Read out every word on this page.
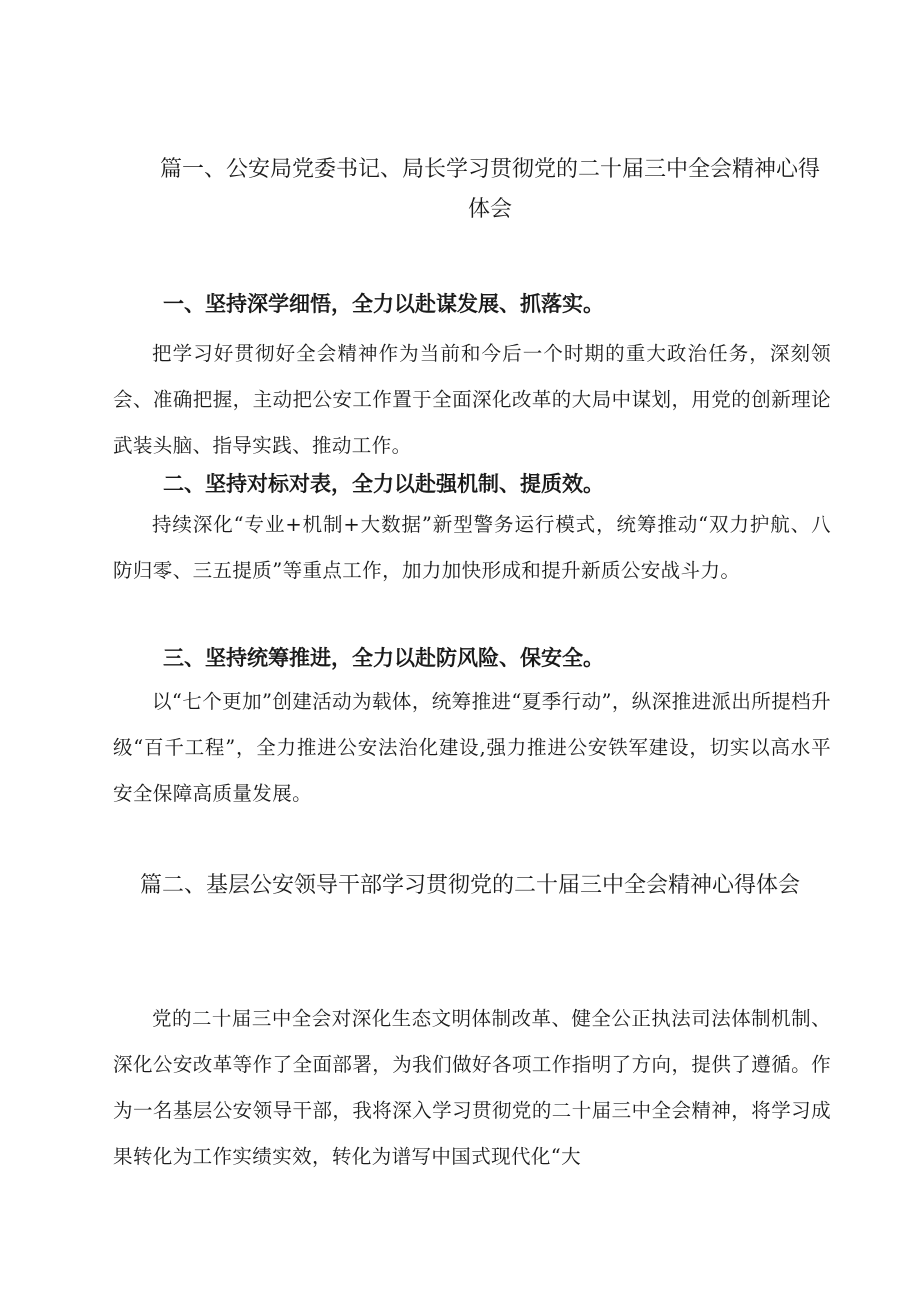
篇一、公安局党委书记、局长学习贯彻党的二十届三中全会精神心得体会
一、坚持深学细悟，全力以赴谋发展、抓落实。

把学习好贯彻好全会精神作为当前和今后一个时期的重大政治任务，深刻领会、准确把握，主动把公安工作置于全面深化改革的大局中谋划，用党的创新理论武装头脑、指导实践、推动工作。

二、坚持对标对表，全力以赴强机制、提质效。

持续深化“专业+机制+大数据”新型警务运行模式，统筹推动“双力护航、八防归零、三五提质”等重点工作，加力加快形成和提升新质公安战斗力。

三、坚持统筹推进，全力以赴防风险、保安全。

以“七个更加”创建活动为载体，统筹推进“夏季行动”，纵深推进派出所提档升级“百千工程”，全力推进公安法治化建设,强力推进公安铁军建设，切实以高水平安全保障高质量发展。

篇二、基层公安领导干部学习贯彻党的二十届三中全会精神心得体会

党的二十届三中全会对深化生态文明体制改革、健全公正执法司法体制机制、深化公安改革等作了全面部署，为我们做好各项工作指明了方向，提供了遵循。作为一名基层公安领导干部，我将深入学习贯彻党的二十届三中全会精神，将学习成果转化为工作实绩实效，转化为谱写中国式现代化“大
